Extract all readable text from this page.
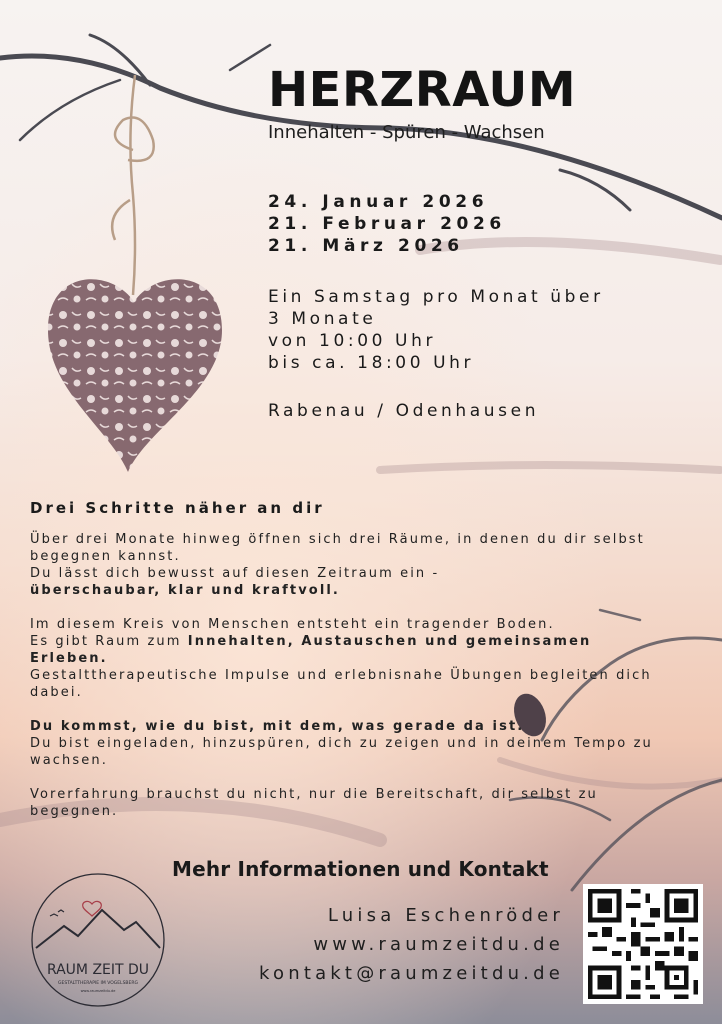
HERZRAUM
Innehalten - Spüren - Wachsen
24. Januar 2026
21. Februar 2026
21. März 2026
Ein Samstag pro Monat über
3 Monate
von 10:00 Uhr
bis ca. 18:00 Uhr
Rabenau / Odenhausen
Drei Schritte näher an dir

Über drei Monate hinweg öffnen sich drei Räume, in denen du dir selbst begegnen kannst.
Du lässt dich bewusst auf diesen Zeitraum ein -
überschaubar, klar und kraftvoll.

Im diesem Kreis von Menschen entsteht ein tragender Boden.
Es gibt Raum zum Innehalten, Austauschen und gemeinsamen Erleben.
Gestalttherapeutische Impulse und erlebnisnahe Übungen begleiten dich dabei.

Du kommst, wie du bist, mit dem, was gerade da ist.
Du bist eingeladen, hinzuspüren, dich zu zeigen und in deinem Tempo zu wachsen.

Vorerfahrung brauchst du nicht, nur die Bereitschaft, dir selbst zu begegnen.

Mehr Informationen und Kontakt
Luisa Eschenröder
www.raumzeitdu.de
kontakt@raumzeitdu.de
RAUM ZEIT DU
GESTALTTHERAPIE IM VOGELSBERG
www.raumzeitdu.de
